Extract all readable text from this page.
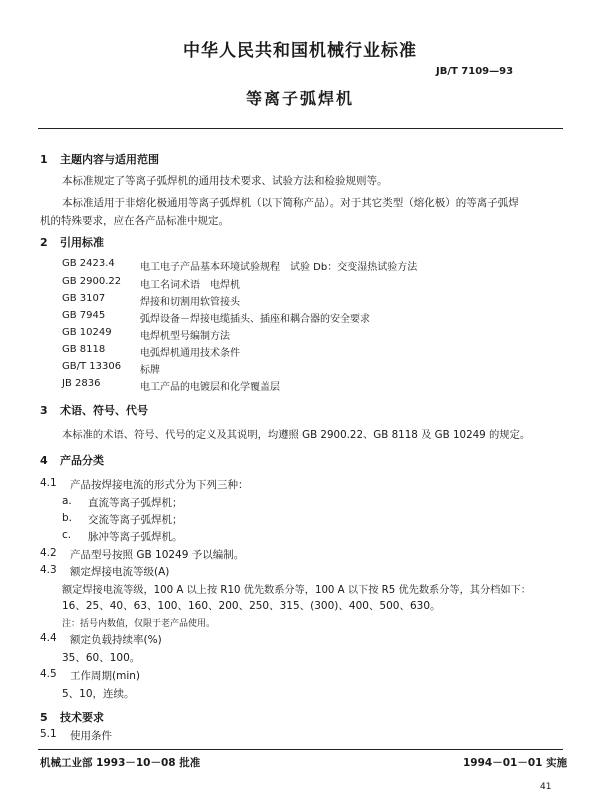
中华人民共和国机械行业标准
JB/T 7109—93
等离子弧焊机
1 主题内容与适用范围
本标准规定了等离子弧焊机的通用技术要求、试验方法和检验规则等。
本标准适用于非熔化极通用等离子弧焊机（以下简称产品）。对于其它类型（熔化极）的等离子弧焊
机的特殊要求，应在各产品标准中规定。
2 引用标准
GB 2423.4	电工电子产品基本环境试验规程　试验 Db：交变湿热试验方法
GB 2900.22 电工名词术语　电焊机
GB 3107	焊接和切割用软管接头
GB 7945	弧焊设备－焊接电缆插头、插座和耦合器的安全要求
GB 10249	电焊机型号编制方法
GB 8118	电弧焊机通用技术条件
GB/T 13306 标牌
JB 2836	电工产品的电镀层和化学覆盖层
3 术语、符号、代号
本标准的术语、符号、代号的定义及其说明，均遵照 GB 2900.22、GB 8118 及 GB 10249 的规定。
4 产品分类
4.1 产品按焊接电流的形式分为下列三种：
a. 直流等离子弧焊机；
b. 交流等离子弧焊机；
c. 脉冲等离子弧焊机。
4.2 产品型号按照 GB 10249 予以编制。
4.3 额定焊接电流等级(A)
额定焊接电流等级，100 A 以上按 R10 优先数系分等，100 A 以下按 R5 优先数系分等，其分档如下：
16、25、40、63、100、160、200、250、315、(300)、400、500、630。
注：括号内数值，仅限于老产品使用。
4.4 额定负载持续率(%)
35、60、100。
4.5 工作周期(min)
5、10，连续。
5 技术要求
5.1 使用条件
机械工业部 1993－10－08 批准	1994－01－01 实施
41
